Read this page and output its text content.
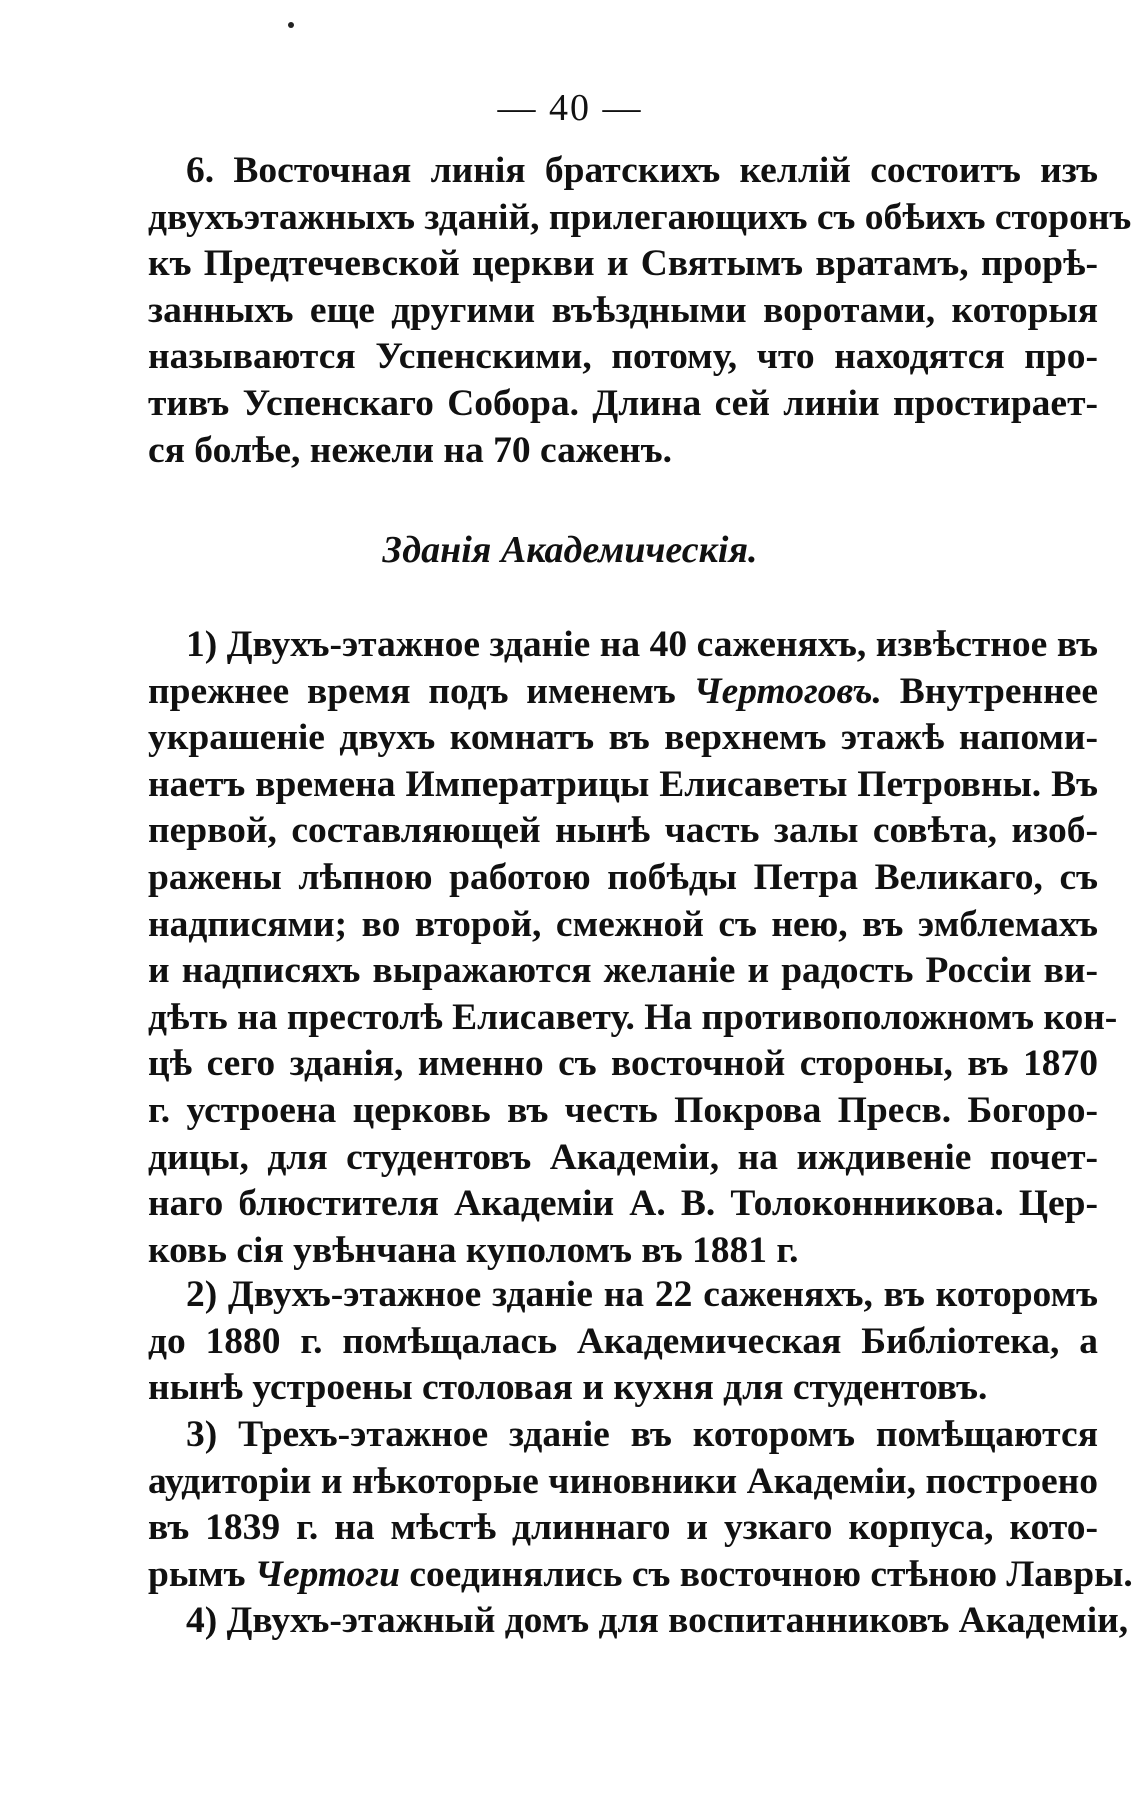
— 40 —
6. Восточная линія братскихъ келлій состоитъ изъ
двухъэтажныхъ зданій, прилегающихъ съ обѣихъ сторонъ
къ Предтечевской церкви и Святымъ вратамъ, прорѣ-
занныхъ еще другими въѣздными воротами, которыя
называются Успенскими, потому, что находятся про-
тивъ Успенскаго Собора. Длина сей линіи простирает-
ся болѣе, нежели на 70 саженъ.
Зданія Академическія.
1) Двухъ-этажное зданіе на 40 саженяхъ, извѣстное въ
прежнее время подъ именемъ Чертоговъ. Внутреннее
украшеніе двухъ комнатъ въ верхнемъ этажѣ напоми-
наетъ времена Императрицы Елисаветы Петровны. Въ
первой, составляющей нынѣ часть залы совѣта, изоб-
ражены лѣпною работою побѣды Петра Великаго, съ
надписями; во второй, смежной съ нею, въ эмблемахъ
и надписяхъ выражаются желаніе и радость Россіи ви-
дѣть на престолѣ Елисавету. На противоположномъ кон-
цѣ сего зданія, именно съ восточной стороны, въ 1870
г. устроена церковь въ честь Покрова Пресв. Богоро-
дицы, для студентовъ Академіи, на иждивеніе почет-
наго блюстителя Академіи А. В. Толоконникова. Цер-
ковь сія увѣнчана куполомъ въ 1881 г.
2) Двухъ-этажное зданіе на 22 саженяхъ, въ которомъ
до 1880 г. помѣщалась Академическая Библіотека, а
нынѣ устроены столовая и кухня для студентовъ.
3) Трехъ-этажное зданіе въ которомъ помѣщаются
аудиторіи и нѣкоторые чиновники Академіи, построено
въ 1839 г. на мѣстѣ длиннаго и узкаго корпуса, кото-
рымъ Чертоги соединялись съ восточною стѣною Лавры.
4) Двухъ-этажный домъ для воспитанниковъ Академіи,
